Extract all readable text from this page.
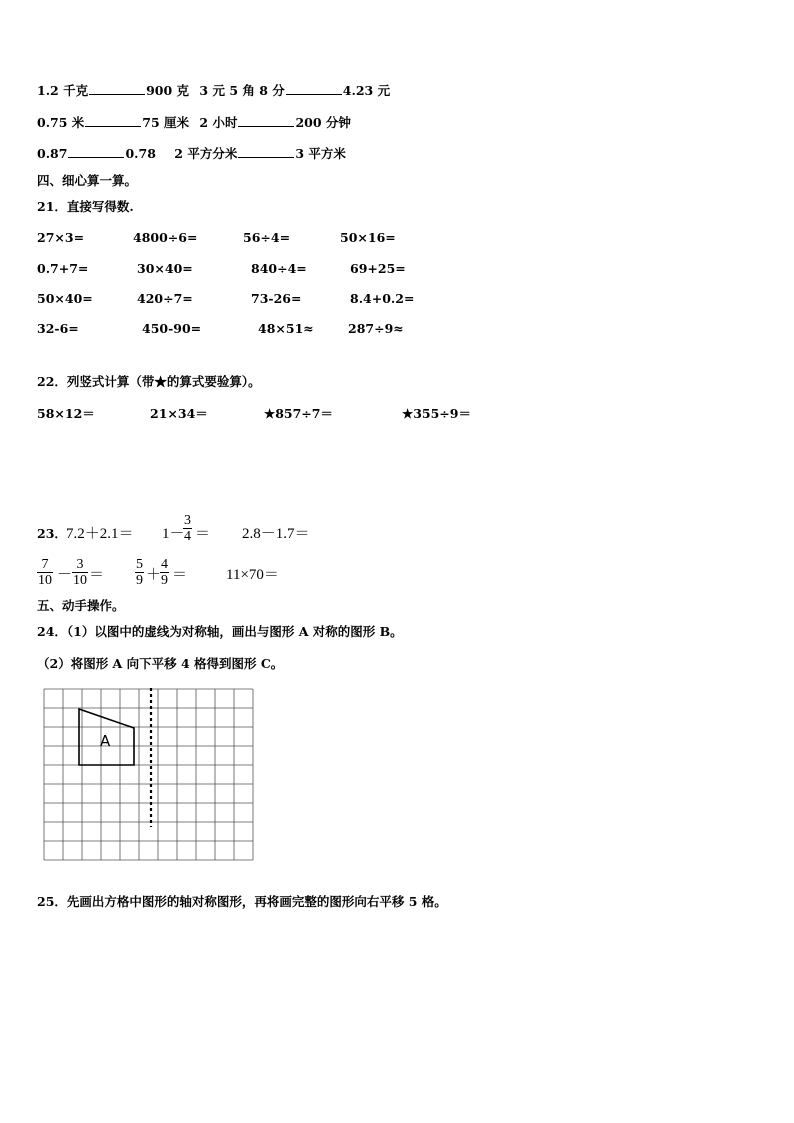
1.2 千克	900 克 3 元 5 角 8 分	4.23 元
0.75 米	75 厘米 2 小时	200 分钟
0.87	0.78 2 平方分米	3 平方米
四、细心算一算。
21．直接写得数.
27×3=	4800÷6=	56÷4=	50×16=
0.7+7=	30×40=	840÷4=	69+25=
50×40=	420÷7=	73-26=	8.4+0.2=
32-6=	450-90=	48×51≈	287÷9≈
22．列竖式计算（带★的算式要验算）。
58×12＝	21×34＝	★857÷7＝	★355÷9＝
23． 7.2＋2.1＝ 1－
$\frac{3}{4} = 2.8-1.7=$
$\frac{7}{10} - \frac{3}{10} = \frac{5}{9}$ ＋
$\frac{4}{9}$ ＝	11×70＝
五、动手操作。
24．（1）以图中的虚线为对称轴，画出与图形 A 对称的图形 B。
（2）将图形 A 向下平移 4 格得到图形 C。
A
25．先画出方格中图形的轴对称图形，再将画完整的图形向右平移 5 格。
